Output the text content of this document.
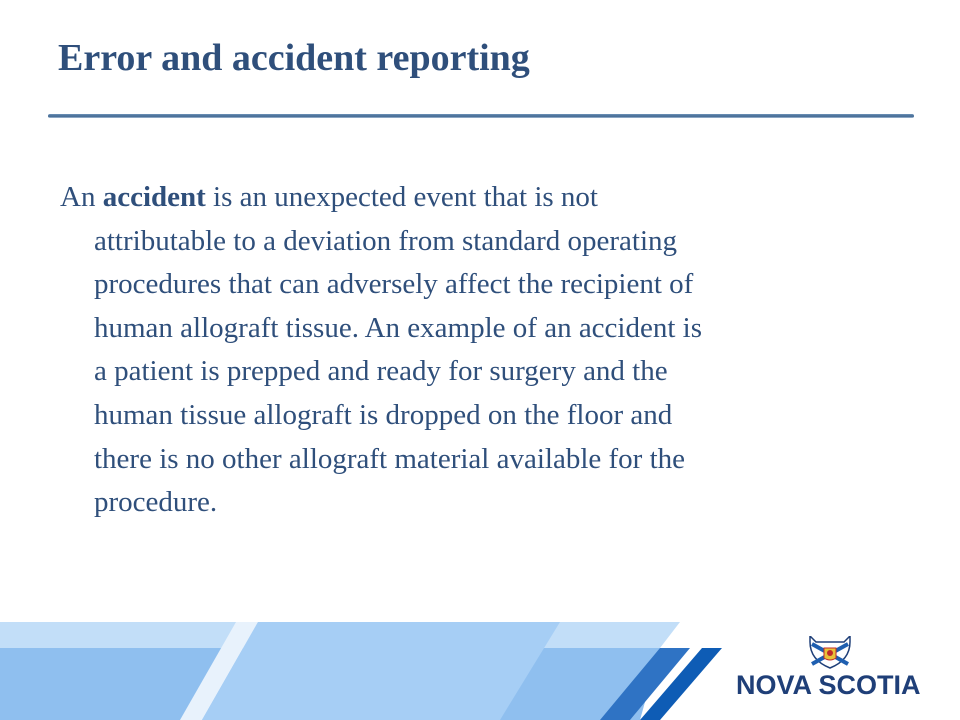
Error and accident reporting
An accident is an unexpected event that is not
attributable to a deviation from standard operating
procedures that can adversely affect the recipient of
human allograft tissue. An example of an accident is
a patient is prepped and ready for surgery and the
human tissue allograft is dropped on the floor and
there is no other allograft material available for the
procedure.
NOVA SCOTIA
